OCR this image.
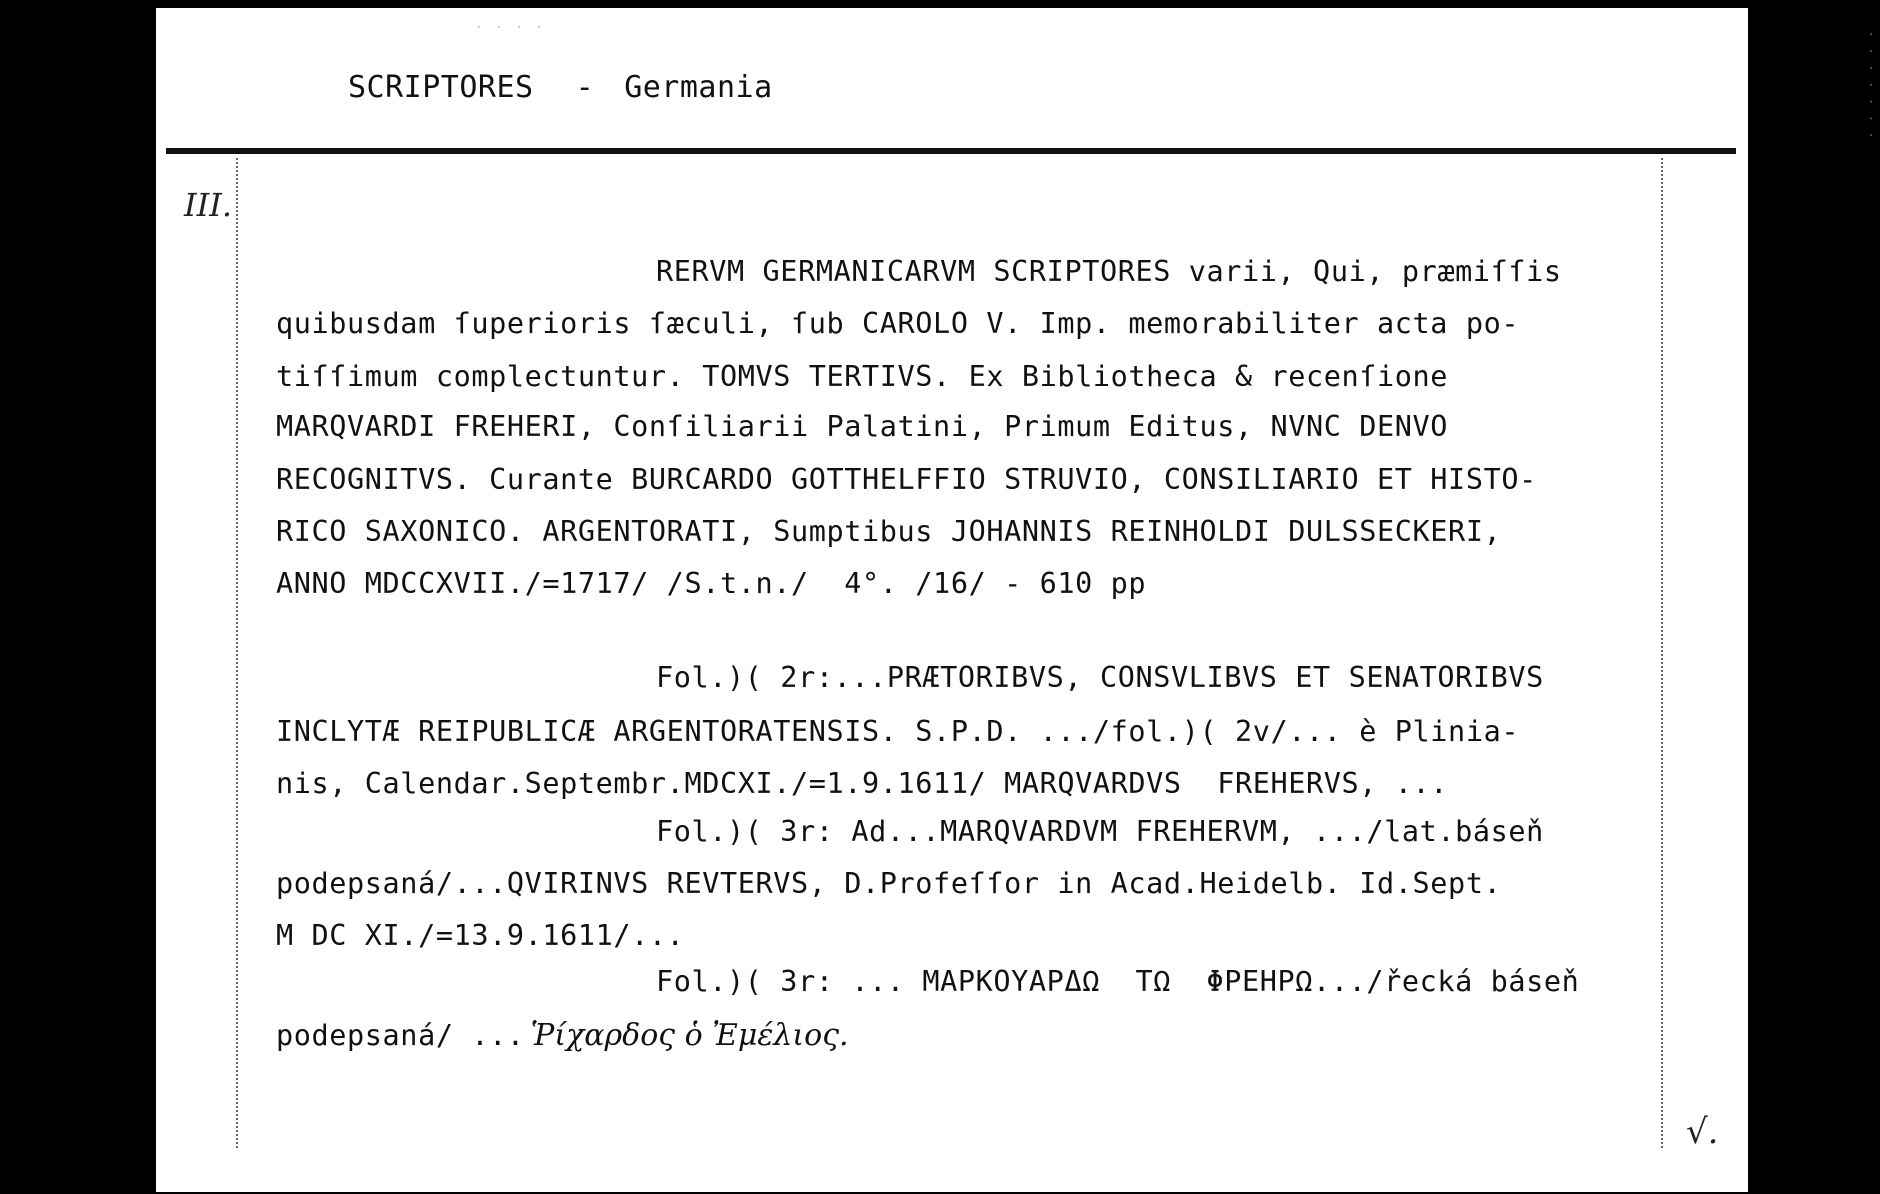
· · · ·
SCRIPTORES - Germania
III.
√.
RERVM GERMANICARVM SCRIPTORES varii, Qui, præmiſſis
quibusdam ſuperioris ſæculi, ſub CAROLO V. Imp. memorabiliter acta po-
tiſſimum complectuntur. TOMVS TERTIVS. Ex Bibliotheca & recenſione
MARQVARDI FREHERI, Conſiliarii Palatini, Primum Editus, NVNC DENVO
RECOGNITVS. Curante BURCARDO GOTTHELFFIO STRUVIO, CONSILIARIO ET HISTO-
RICO SAXONICO. ARGENTORATI, Sumptibus JOHANNIS REINHOLDI DULSSECKERI,
ANNO MDCCXVII./=1717/ /S.t.n./  4°. /16/ - 610 pp
Fol.)( 2r:...PRÆTORIBVS, CONSVLIBVS ET SENATORIBVS
INCLYTÆ REIPUBLICÆ ARGENTORATENSIS. S.P.D. .../fol.)( 2v/... è Plinia-
nis, Calendar.Septembr.MDCXI./=1.9.1611/ MARQVARDVS  FREHERVS, ...
Fol.)( 3r: Ad...MARQVARDVM FREHERVM, .../lat.báseň
podepsaná/...QVIRINVS REVTERVS, D.Profeſſor in Acad.Heidelb. Id.Sept.
M DC XI./=13.9.1611/...
Fol.)( 3r: ... ΜΑΡΚΟΥΑΡΔΩ  ΤΩ  ΦΡΕΗΡΩ.../řecká báseň
podepsaná/ ... Ῥίχαρδος ὁ Ἐμέλιος.
· · · · · · ·
